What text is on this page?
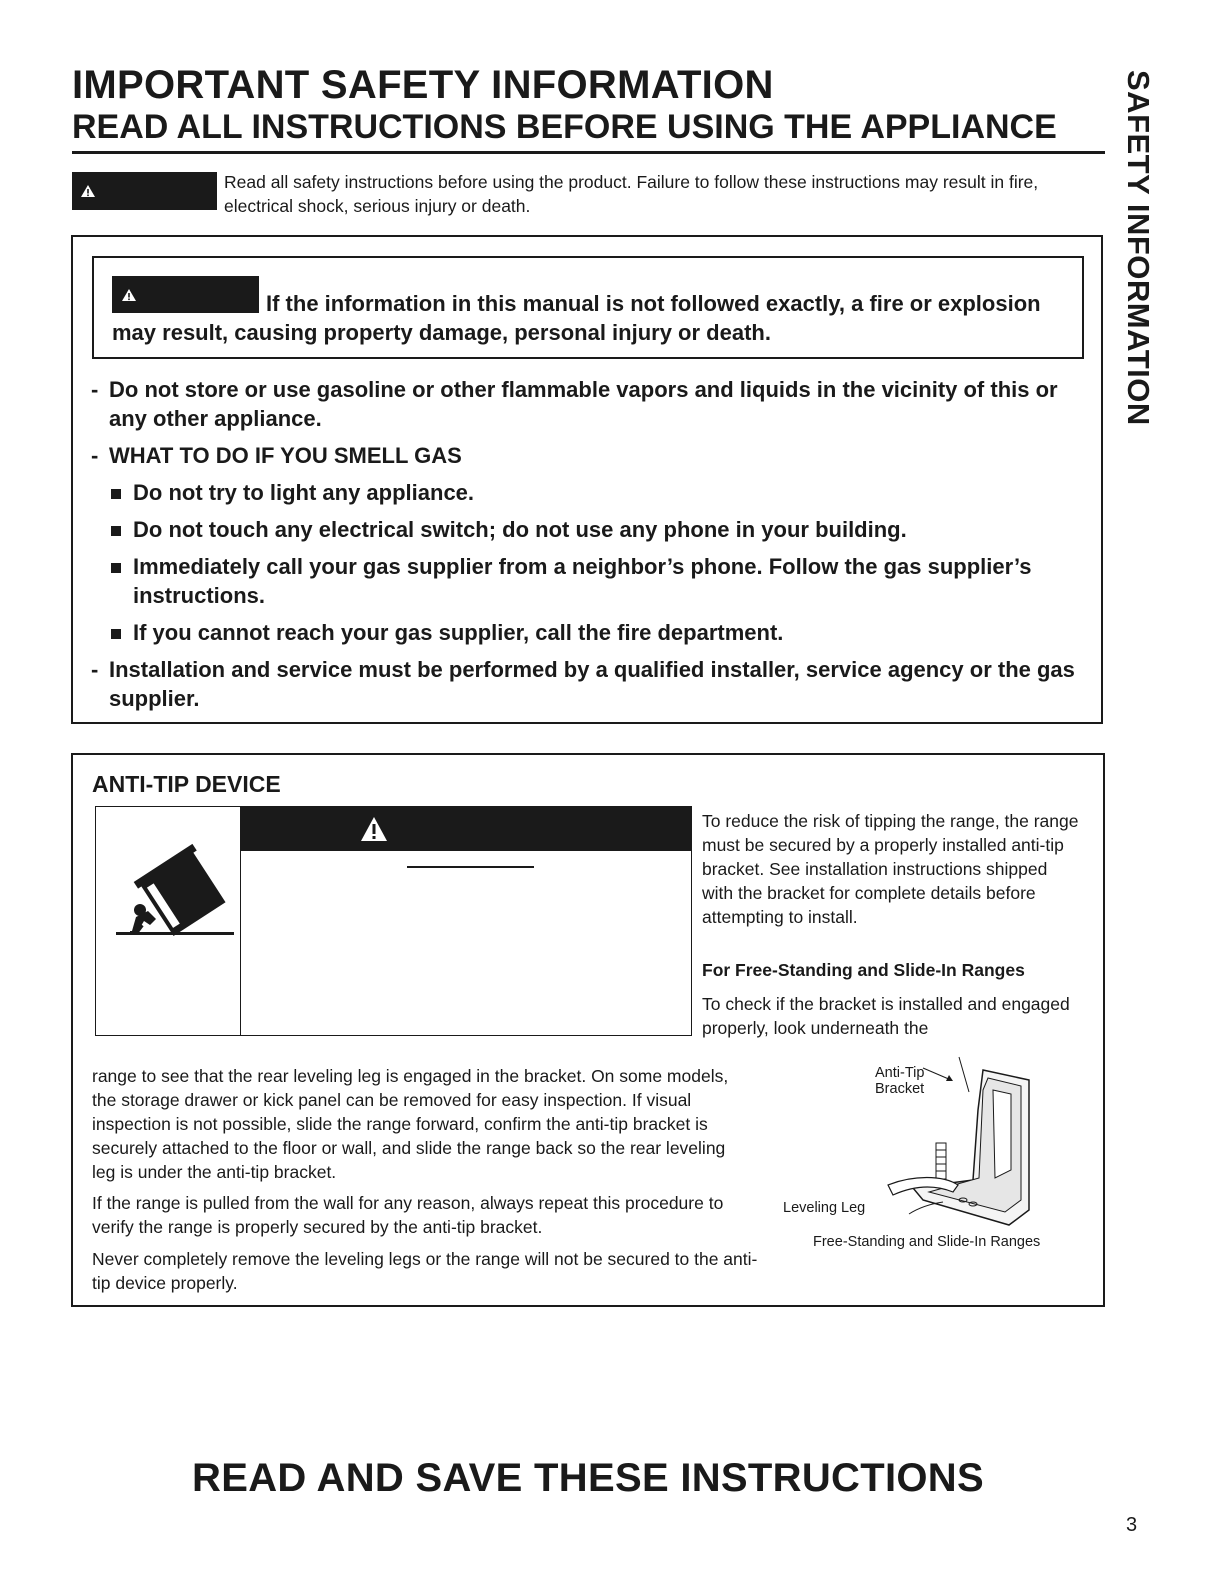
IMPORTANT SAFETY INFORMATION
READ ALL INSTRUCTIONS BEFORE USING THE APPLIANCE SAFETY INFORMATION

Read all safety instructions before using the product. Failure to follow these instructions may result in fire, electrical shock, serious injury or death.

If the information in this manual is not followed exactly, a fire or explosion may result, causing property damage, personal injury or death.

- Do not store or use gasoline or other flammable vapors and liquids in the vicinity of this or any other appliance.
- WHAT TO DO IF YOU SMELL GAS
Do not try to light any appliance.
Do not touch any electrical switch; do not use any phone in your building.
Immediately call your gas supplier from a neighbor’s phone. Follow the gas supplier’s instructions.
If you cannot reach your gas supplier, call the fire department.
- Installation and service must be performed by a qualified installer, service agency or the gas supplier.
ANTI-TIP DEVICE

To reduce the risk of tipping the range, the range must be secured by a properly installed anti-tip bracket. See installation instructions shipped with the bracket for complete details before attempting to install.

For Free-Standing and Slide-In Ranges

To check if the bracket is installed and engaged properly, look underneath the

range to see that the rear leveling leg is engaged in the bracket. On some models, the storage drawer or kick panel can be removed for easy inspection. If visual inspection is not possible, slide the range forward, confirm the anti-tip bracket is securely attached to the floor or wall, and slide the range back so the rear leveling leg is under the anti-tip bracket.

If the range is pulled from the wall for any reason, always repeat this procedure to verify the range is properly secured by the anti-tip bracket.

Never completely remove the leveling legs or the range will not be secured to the anti-tip device properly.

Anti-Tip

Bracket

Leveling Leg

Free-Standing and Slide-In Ranges

READ AND SAVE THESE INSTRUCTIONS

3
